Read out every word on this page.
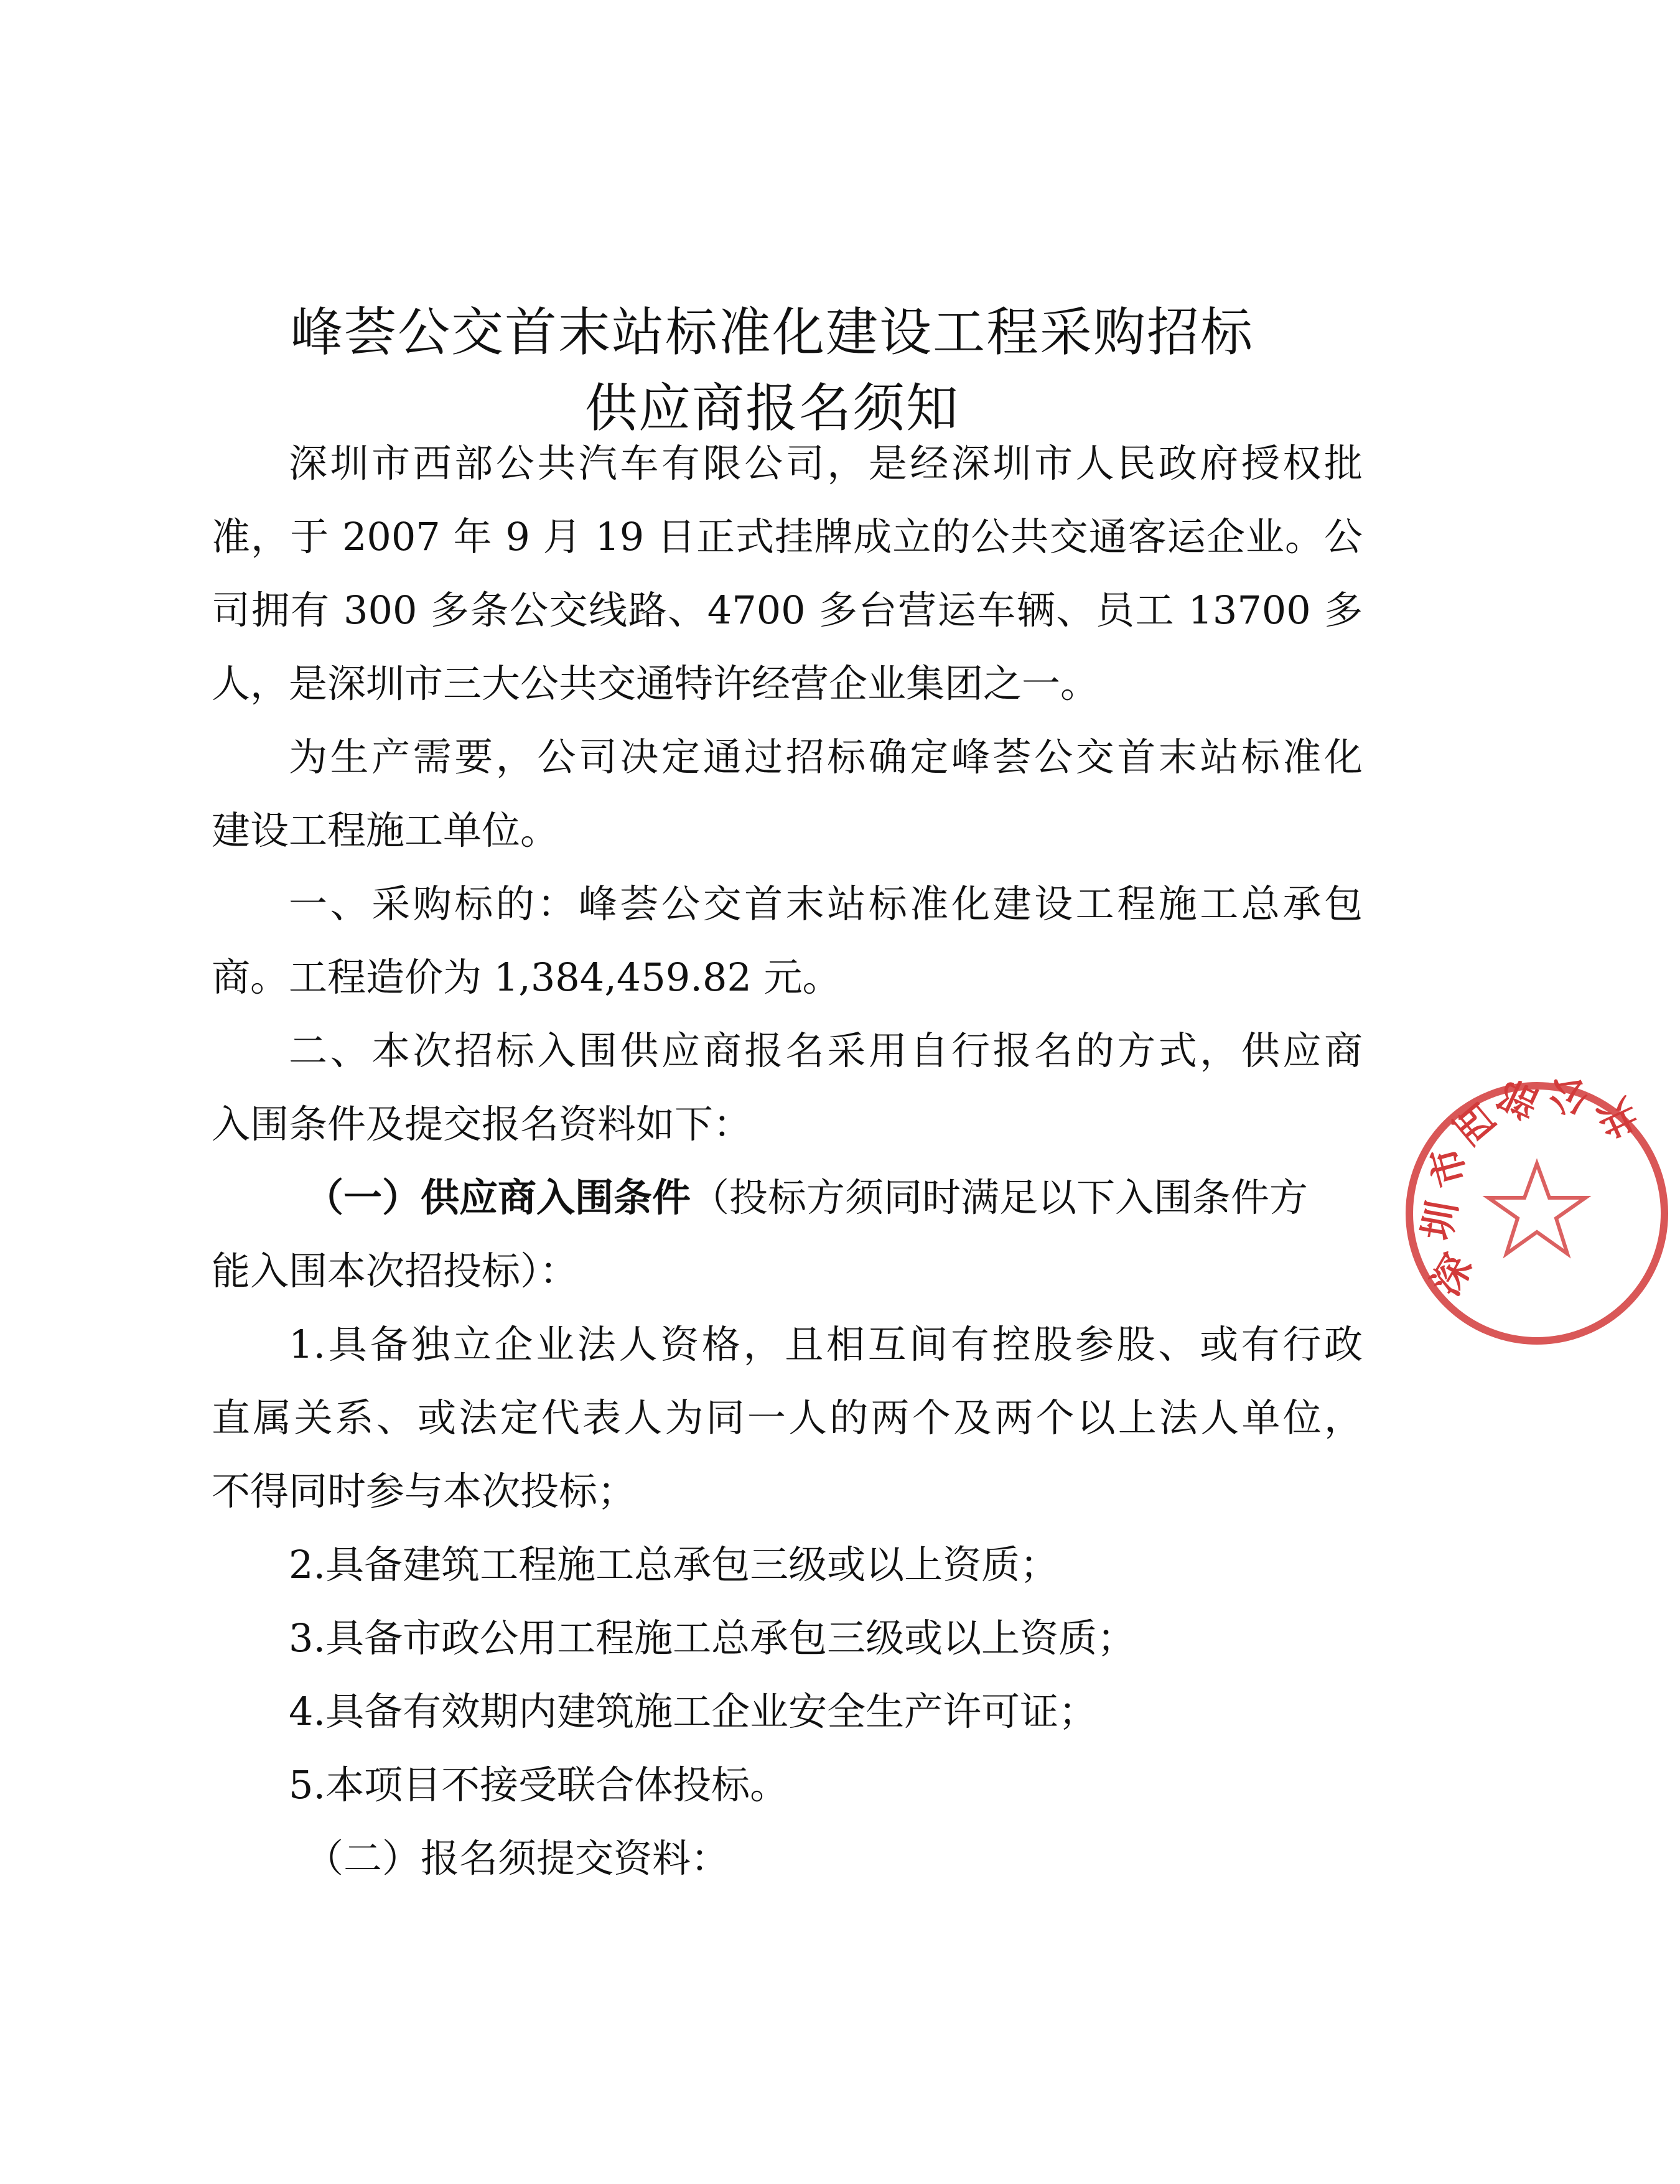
峰荟公交首末站标准化建设工程采购招标
供应商报名须知
深圳市西部公共汽车有限公司，是经深圳市人民政府授权批
准，于 2007 年 9 月 19 日正式挂牌成立的公共交通客运企业。公
司拥有 300 多条公交线路、4700 多台营运车辆、员工 13700 多
人，是深圳市三大公共交通特许经营企业集团之一。
为生产需要，公司决定通过招标确定峰荟公交首末站标准化
建设工程施工单位。
一、采购标的：峰荟公交首末站标准化建设工程施工总承包
商。工程造价为 1,384,459.82 元。
二、本次招标入围供应商报名采用自行报名的方式，供应商
入围条件及提交报名资料如下：
（一）供应商入围条件（投标方须同时满足以下入围条件方
能入围本次招投标）：
1.具备独立企业法人资格，且相互间有控股参股、或有行政
直属关系、或法定代表人为同一人的两个及两个以上法人单位，
不得同时参与本次投标；
2.具备建筑工程施工总承包三级或以上资质；
3.具备市政公用工程施工总承包三级或以上资质；
4.具备有效期内建筑施工企业安全生产许可证；
5.本项目不接受联合体投标。
（二）报名须提交资料：
深
圳
市
西
部 公 共
